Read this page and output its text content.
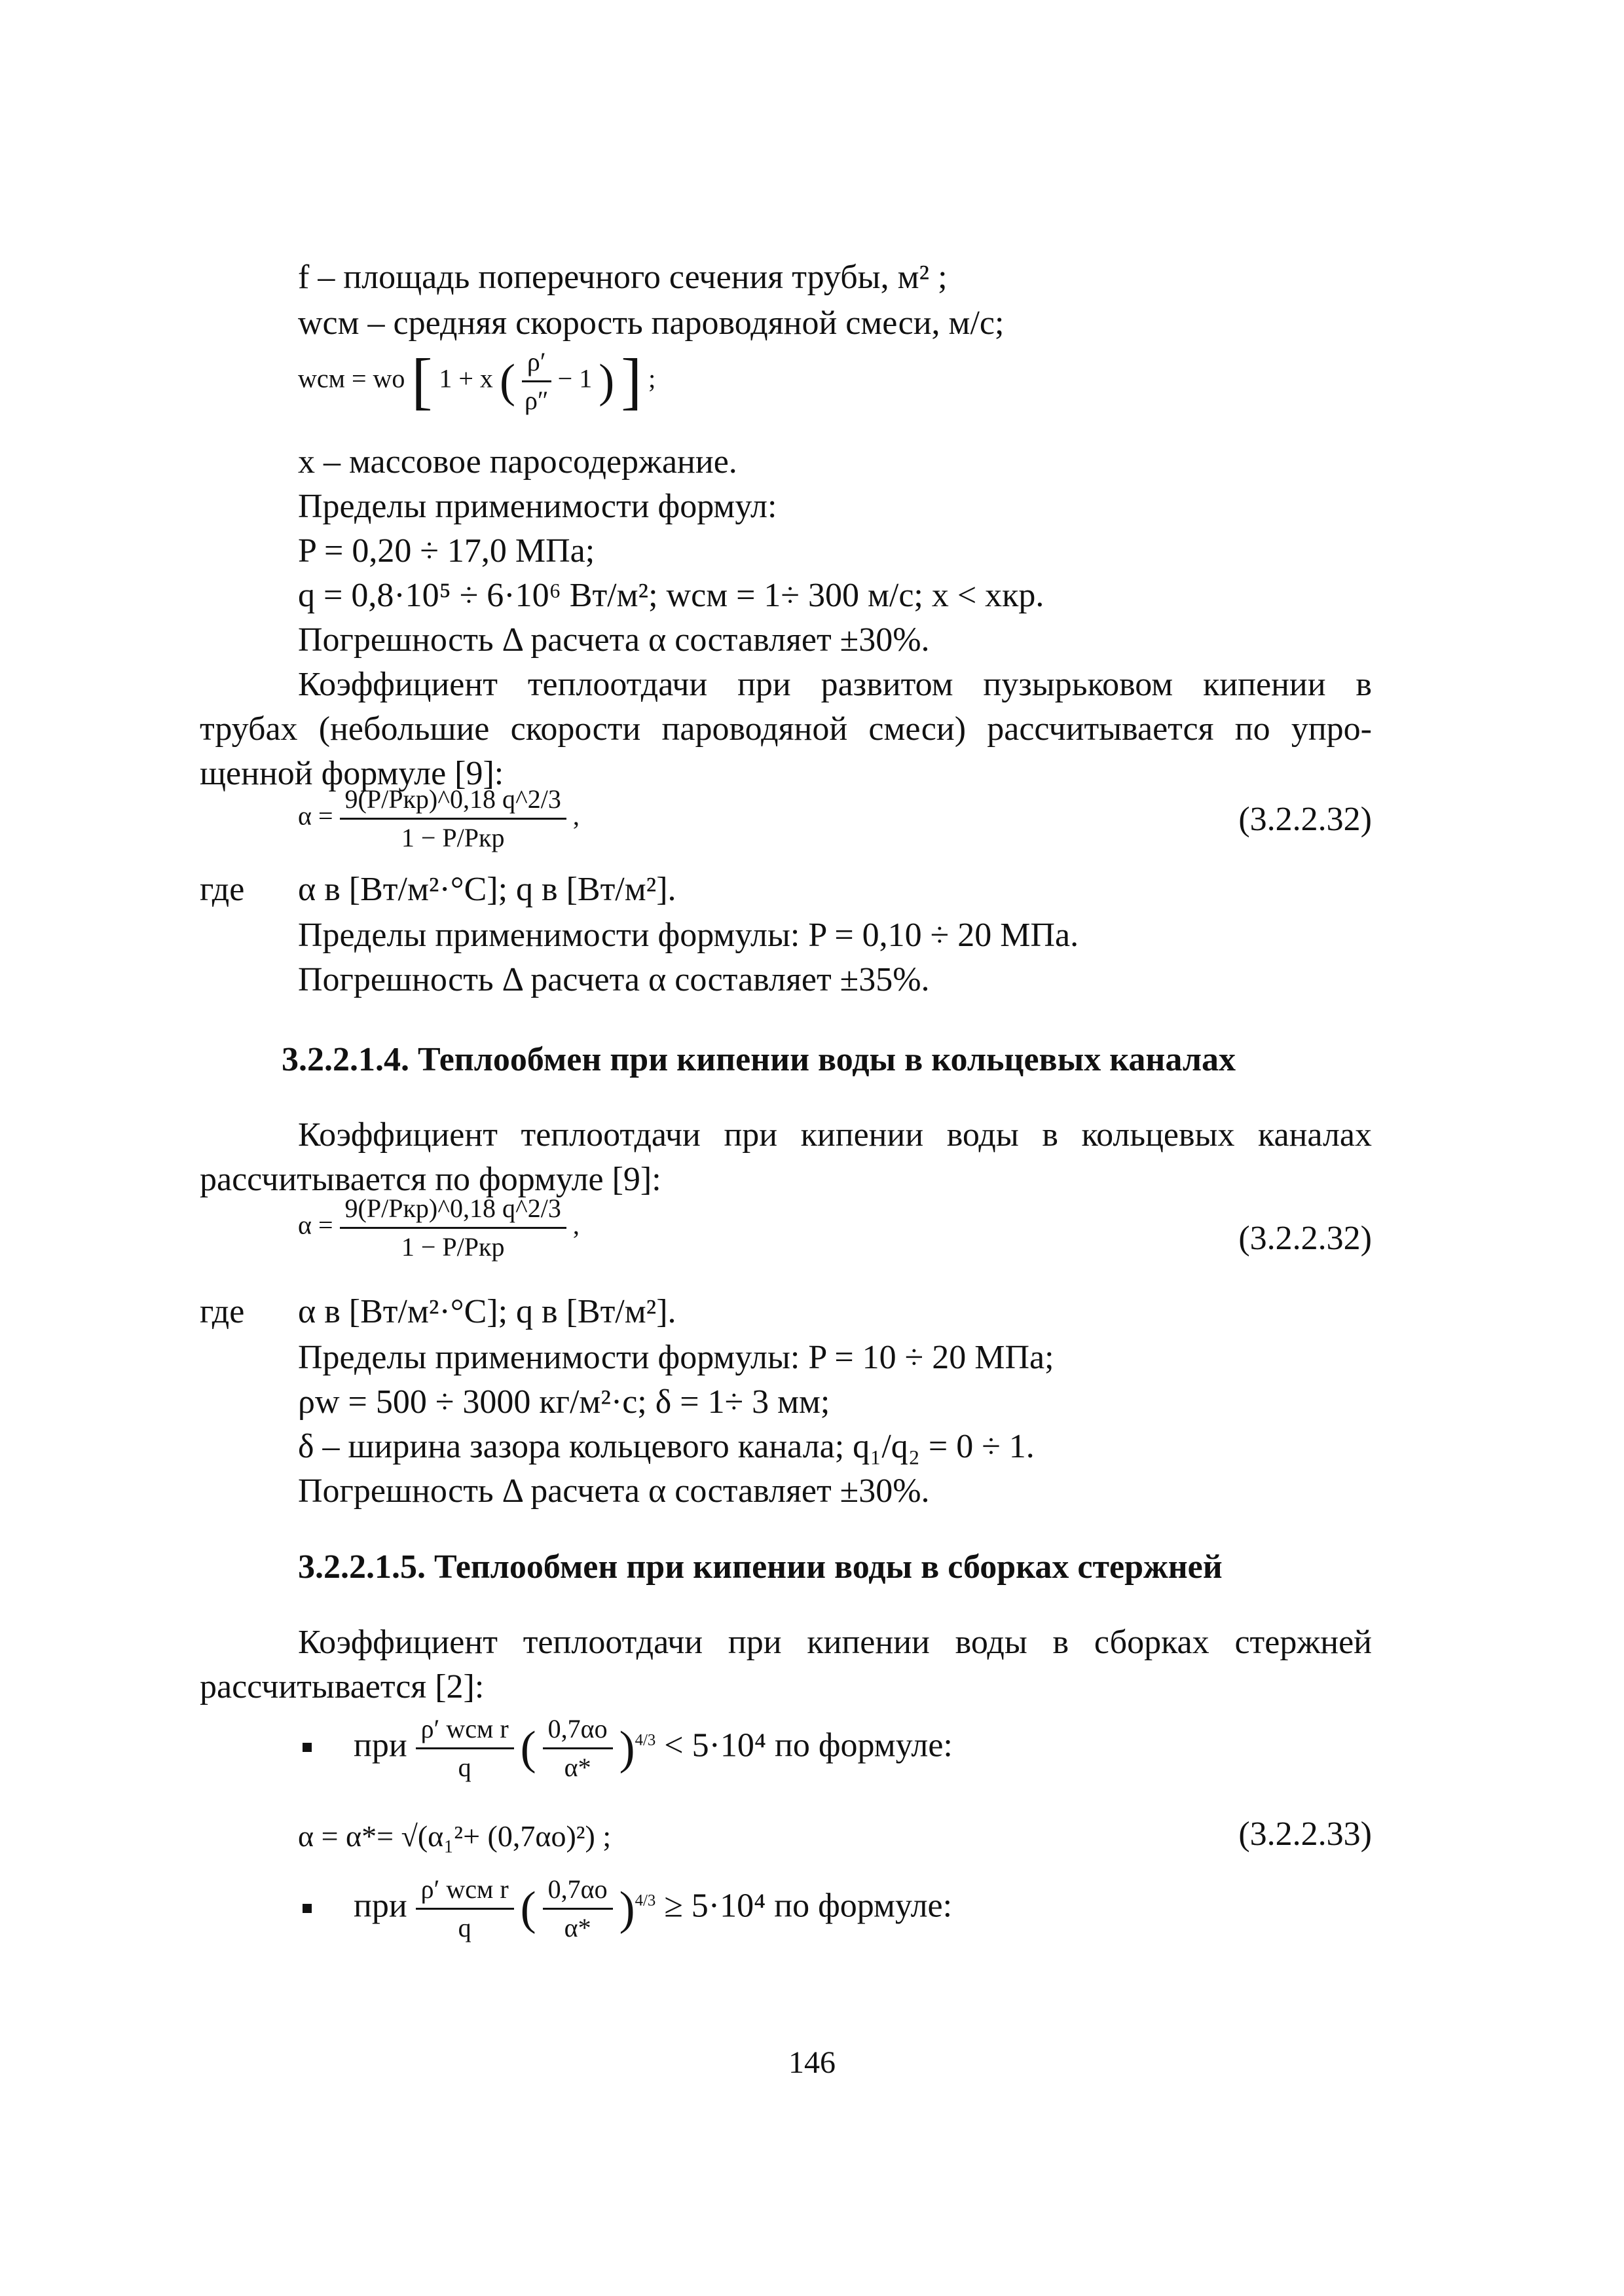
f – площадь поперечного сечения трубы, м² ;
wсм – средняя скорость пароводяной смеси, м/с;
wсм = wо [ 1 + x ( $\frac{\rho'}{\rho''} - 1$ ) ] ;
x – массовое паросодержание.
Пределы применимости формул:
P = 0,20 ÷ 17,0 МПа;
q = 0,8·10⁵ ÷ 6·10⁶ Вт/м²; wсм = 1÷ 300 м/с; x < xкр.
Погрешность Δ расчета α составляет ±30%.
Коэффициент теплоотдачи при развитом пузырьковом кипении в
трубах (небольшие скорости пароводяной смеси) рассчитывается по упро-
щенной формуле [9]:
$\alpha = \frac{\text{9(P/Pкр)\textasciicircum{}0,18 q\textasciicircum{}2/3}}{\text{1 − P/Pкр}}$ ,	(3.2.2.32)
где α в [Вт/м²·°С]; q в [Вт/м²].
Пределы применимости формулы: P = 0,10 ÷ 20 МПа.
Погрешность Δ расчета α составляет ±35%.
3.2.2.1.4. Теплообмен при кипении воды в кольцевых каналах
Коэффициент теплоотдачи при кипении воды в кольцевых каналах
рассчитывается по формуле [9]:
$\alpha = \frac{\text{9(P/Pкр)\textasciicircum{}0,18 q\textasciicircum{}2/3}}{\text{1 − P/Pкр}}$ ,	(3.2.2.32)
где α в [Вт/м²·°С]; q в [Вт/м²].
Пределы применимости формулы: P = 10 ÷ 20 МПа;
ρw = 500 ÷ 3000 кг/м²·с; δ = 1÷ 3 мм;
δ – ширина зазора кольцевого канала; q₁/q₂ = 0 ÷ 1.
Погрешность Δ расчета α составляет ±30%.
3.2.2.1.5. Теплообмен при кипении воды в сборках стержней
Коэффициент теплоотдачи при кипении воды в сборках стержней
рассчитывается [2]:
при $\frac{\text{ρ′ wсм r}}{q}$ ( $\frac{0,7\alpha о}{\alpha*} )^{4/3} < 5\cdot 10^4$ по формуле:
α = α*= √(α₁²+ (0,7αо)²) ;	(3.2.2.33)
при $\frac{\text{ρ′ wсм r}}{q}$ ( $\frac{0,7\alpha о}{\alpha*} )^{4/3} \ge 5\cdot 10^4$ по формуле:
146
